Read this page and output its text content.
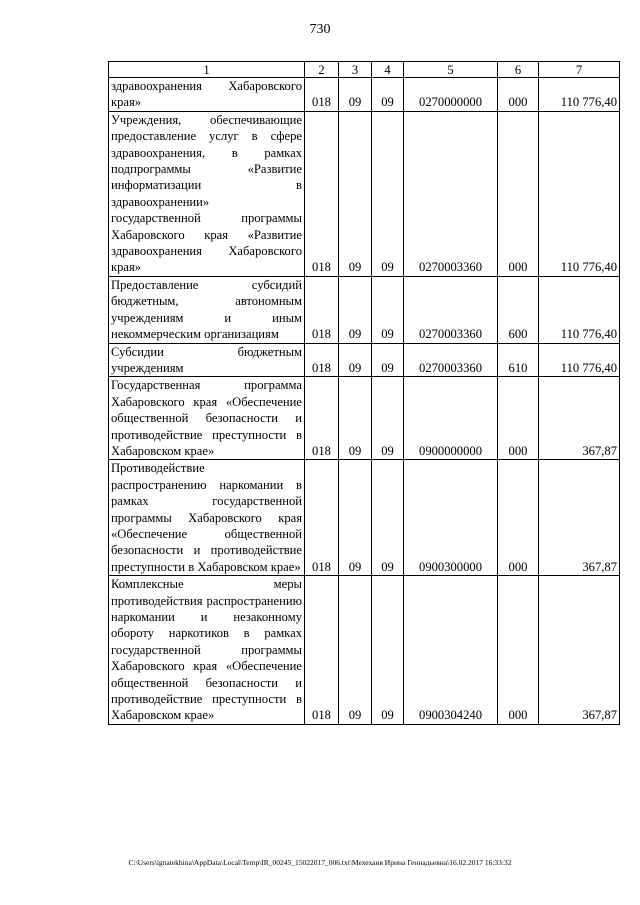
730
1	2	3	4	5	6	7
здравоохранения Хабаровского края»	018	09	09	0270000000	000	110 776,40
Учреждения, обеспечивающие предоставление услуг в сфере здравоохранения, в рамках подпрограммы «Развитие информатизации в здравоохранении» государственной программы Хабаровского края «Развитие здравоохранения Хабаровского края»	018	09	09	0270003360	000	110 776,40
Предоставление субсидий бюджетным, автономным учреждениям и иным некоммерческим организациям	018	09	09	0270003360	600	110 776,40
Субсидии бюджетным учреждениям	018	09	09	0270003360	610	110 776,40
Государственная программа Хабаровского края «Обеспечение общественной безопасности и противодействие преступности в Хабаровском крае»	018	09	09	0900000000	000	367,87
Противодействие распространению наркомании в рамках государственной программы Хабаровского края «Обеспечение общественной безопасности и противодействие преступности в Хабаровском крае»	018	09	09	0900300000	000	367,87
Комплексные меры противодействия распространению наркомании и незаконному обороту наркотиков в рамках государственной программы Хабаровского края «Обеспечение общественной безопасности и противодействие преступности в Хабаровском крае»	018	09	09	0900304240	000	367,87
C:\Users\ignatekhina\AppData\Local\Temp\IR_00245_15022017_006.txt\Мехеханя Ирина Геннадьевна\16.02.2017 16:33:32
